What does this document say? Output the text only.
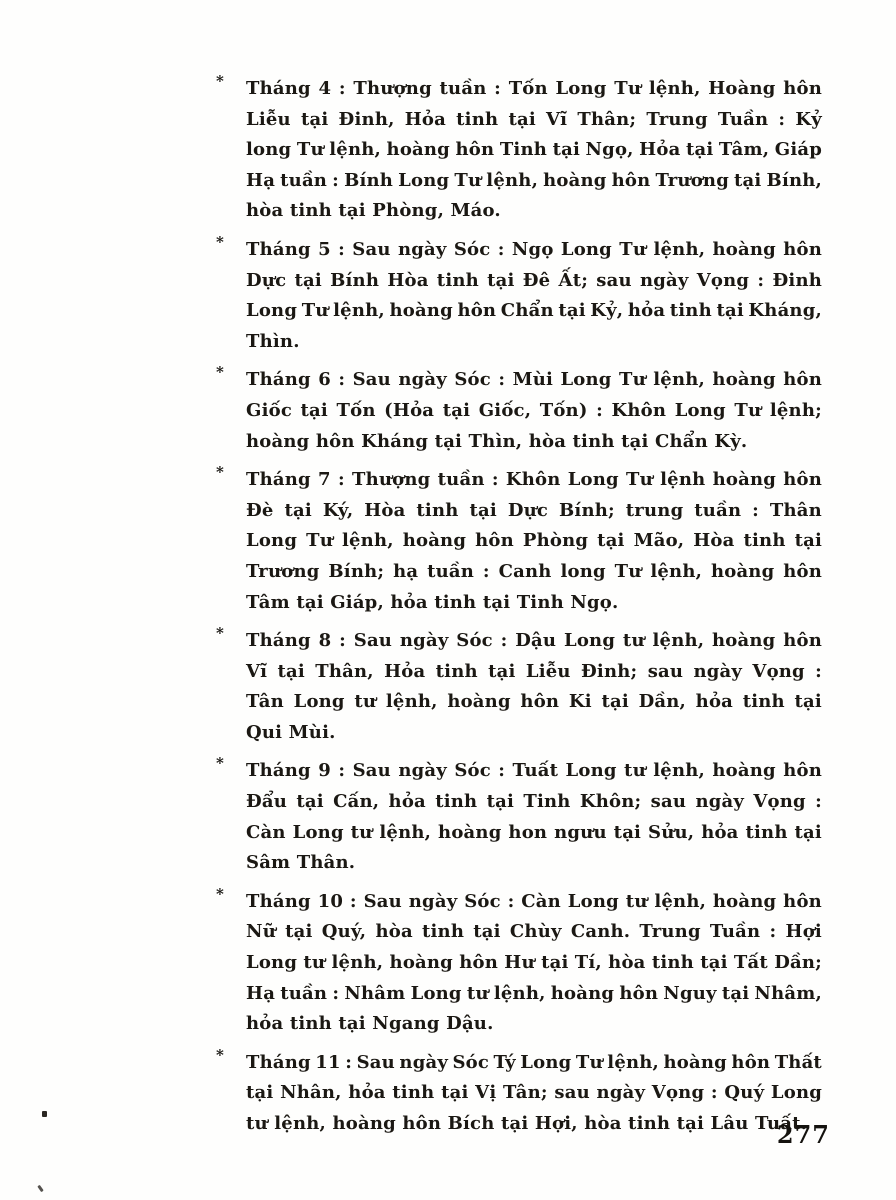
* Tháng 4 : Thượng tuần : Tốn Long Tư lệnh, Hoàng hôn
Liễu tại Đinh, Hỏa tinh tại Vĩ Thân; Trung Tuần : Kỷ
long Tư lệnh, hoàng hôn Tinh tại Ngọ, Hỏa tại Tâm, Giáp
Hạ tuần : Bính Long Tư lệnh, hoàng hôn Trương tại Bính,
hòa tinh tại Phòng, Máo.
* Tháng 5 : Sau ngày Sóc : Ngọ Long Tư lệnh, hoàng hôn
Dực tại Bính Hòa tinh tại Đê Ất; sau ngày Vọng : Đinh
Long Tư lệnh, hoàng hôn Chẩn tại Kỷ, hỏa tinh tại Kháng,
Thìn.
* Tháng 6 : Sau ngày Sóc : Mùi Long Tư lệnh, hoàng hôn
Giốc tại Tốn (Hỏa tại Giốc, Tốn) : Khôn Long Tư lệnh;
hoàng hôn Kháng tại Thìn, hòa tinh tại Chẩn Kỳ.
* Tháng 7 : Thượng tuần : Khôn Long Tư lệnh hoàng hôn
Đè tại Ký, Hòa tinh tại Dực Bính; trung tuần : Thân
Long Tư lệnh, hoàng hôn Phòng tại Mão, Hòa tinh tại
Trương Bính; hạ tuần : Canh long Tư lệnh, hoàng hôn
Tâm tại Giáp, hỏa tinh tại Tinh Ngọ.
* Tháng 8 : Sau ngày Sóc : Dậu Long tư lệnh, hoàng hôn
Vĩ tại Thân, Hỏa tinh tại Liễu Đinh; sau ngày Vọng :
Tân Long tư lệnh, hoàng hôn Ki tại Dần, hỏa tinh tại
Qui Mùi.
* Tháng 9 : Sau ngày Sóc : Tuất Long tư lệnh, hoàng hôn
Đẩu tại Cấn, hỏa tinh tại Tinh Khôn; sau ngày Vọng :
Càn Long tư lệnh, hoàng hon ngưu tại Sửu, hỏa tinh tại
Sâm Thân.
* Tháng 10 : Sau ngày Sóc : Càn Long tư lệnh, hoàng hôn
Nữ tại Quý, hòa tinh tại Chùy Canh. Trung Tuần : Hợi
Long tư lệnh, hoàng hôn Hư tại Tí, hòa tinh tại Tất Dần;
Hạ tuần : Nhâm Long tư lệnh, hoàng hôn Nguy tại Nhâm,
hỏa tinh tại Ngang Dậu.
* Tháng 11 : Sau ngày Sóc Tý Long Tư lệnh, hoàng hôn Thất
tại Nhân, hỏa tinh tại Vị Tân; sau ngày Vọng : Quý Long
tư lệnh, hoàng hôn Bích tại Hợi, hòa tinh tại Lâu Tuất.
277
